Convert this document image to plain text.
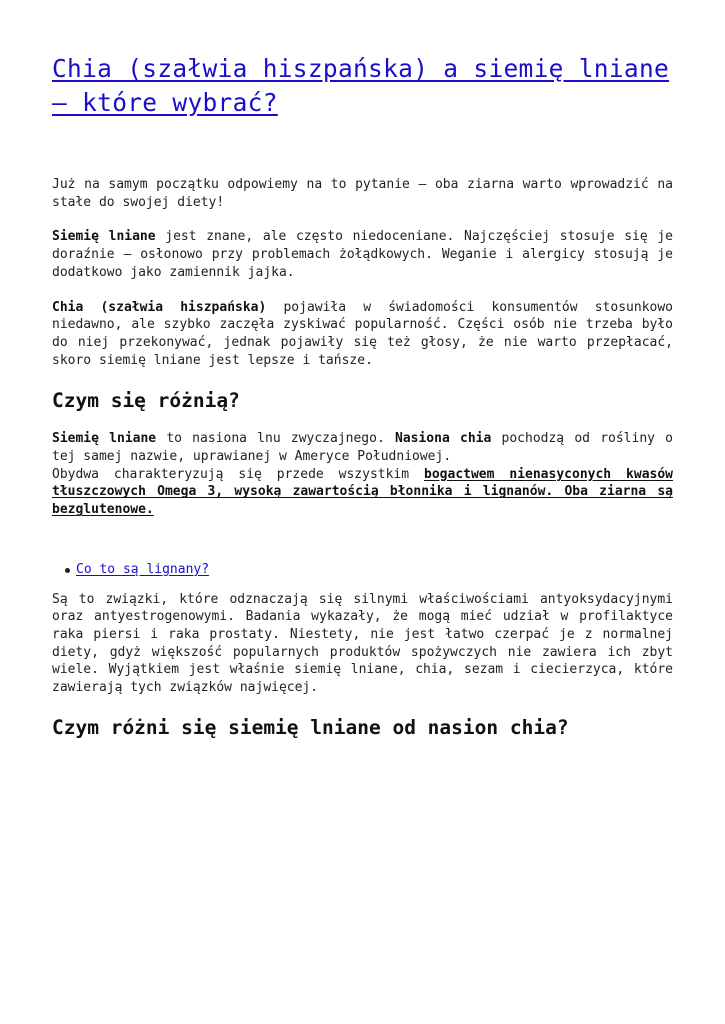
Chia (szałwia hiszpańska) a siemię lniane – które wybrać?

Już na samym początku odpowiemy na to pytanie – oba ziarna warto wprowadzić na stałe do swojej diety!

Siemię lniane jest znane, ale często niedoceniane. Najczęściej stosuje się je doraźnie – osłonowo przy problemach żołądkowych. Weganie i alergicy stosują je dodatkowo jako zamiennik jajka.

Chia (szałwia hiszpańska) pojawiła w świadomości konsumentów stosunkowo niedawno, ale szybko zaczęła zyskiwać popularność. Części osób nie trzeba było do niej przekonywać, jednak pojawiły się też głosy, że nie warto przepłacać, skoro siemię lniane jest lepsze i tańsze.

Czym się różnią?

Siemię lniane to nasiona lnu zwyczajnego. Nasiona chia pochodzą od rośliny o tej samej nazwie, uprawianej w Ameryce Południowej.

Obydwa charakteryzują się przede wszystkim bogactwem nienasyconych kwasów tłuszczowych Omega 3, wysoką zawartością błonnika i lignanów. Oba ziarna są bezglutenowe.

Co to są lignany?

Są to związki, które odznaczają się silnymi właściwościami antyoksydacyjnymi oraz antyestrogenowymi. Badania wykazały, że mogą mieć udział w profilaktyce raka piersi i raka prostaty. Niestety, nie jest łatwo czerpać je z normalnej diety, gdyż większość popularnych produktów spożywczych nie zawiera ich zbyt wiele. Wyjątkiem jest właśnie siemię lniane, chia, sezam i ciecierzyca, które zawierają tych związków najwięcej.

Czym różni się siemię lniane od nasion chia?
